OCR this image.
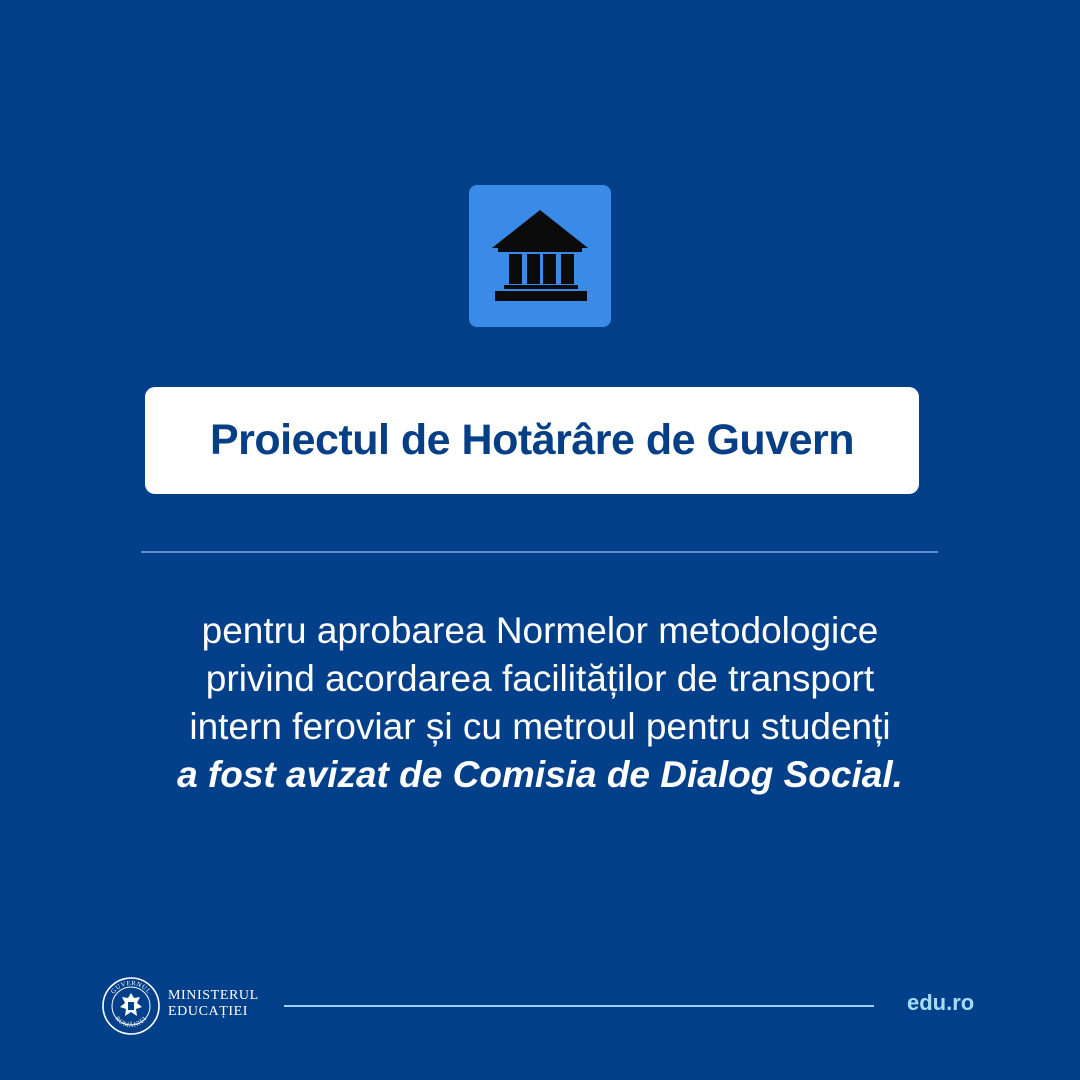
Proiectul de Hotărâre de Guvern
pentru aprobarea Normelor metodologice
privind acordarea facilităților de transport
intern feroviar și cu metroul pentru studenți
a fost avizat de Comisia de Dialog Social.
GUVERNUL
ROMÂNIEI
MINISTERUL
EDUCAȚIEI	edu.ro
